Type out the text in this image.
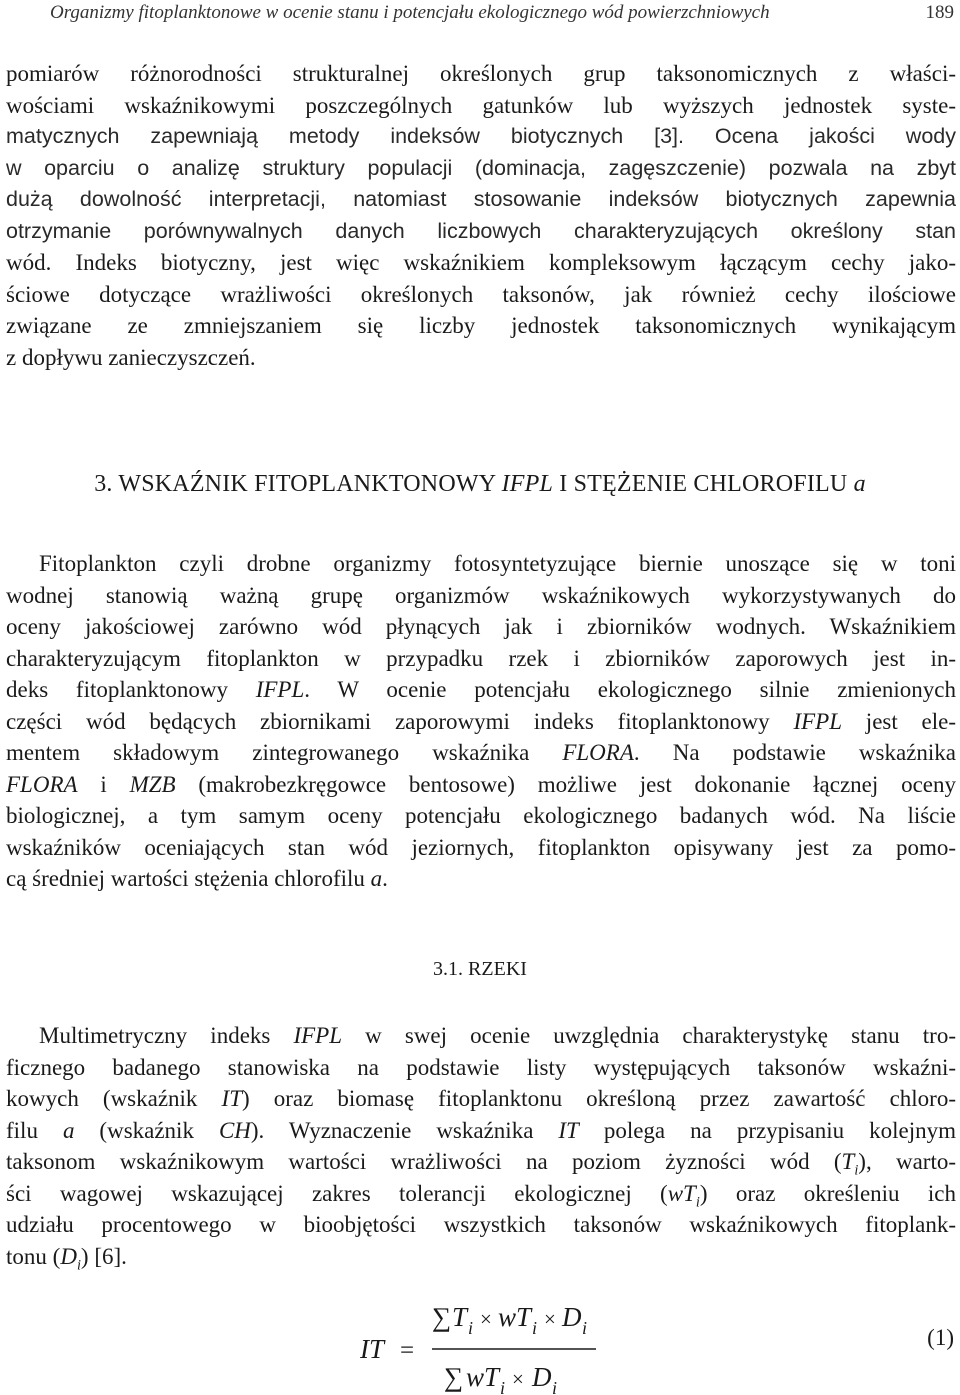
Organizmy fitoplanktonowe w ocenie stanu i potencjału ekologicznego wód powierzchniowych	189
pomiarów różnorodności strukturalnej określonych grup taksonomicznych z właści-
wościami wskaźnikowymi poszczególnych gatunków lub wyższych jednostek syste-
matycznych zapewniają metody indeksów biotycznych [3]. Ocena jakości wody
w oparciu o analizę struktury populacji (dominacja, zagęszczenie) pozwala na zbyt
dużą dowolność interpretacji, natomiast stosowanie indeksów biotycznych zapewnia
otrzymanie porównywalnych danych liczbowych charakteryzujących określony stan
wód. Indeks biotyczny, jest więc wskaźnikiem kompleksowym łączącym cechy jako-
ściowe dotyczące wrażliwości określonych taksonów, jak również cechy ilościowe
związane ze zmniejszaniem się liczby jednostek taksonomicznych wynikającym
z dopływu zanieczyszczeń.
3. WSKAŹNIK FITOPLANKTONOWY IFPL I STĘŻENIE CHLOROFILU a
Fitoplankton czyli drobne organizmy fotosyntetyzujące biernie unoszące się w toni
wodnej stanowią ważną grupę organizmów wskaźnikowych wykorzystywanych do
oceny jakościowej zarówno wód płynących jak i zbiorników wodnych. Wskaźnikiem
charakteryzującym fitoplankton w przypadku rzek i zbiorników zaporowych jest in-
deks fitoplanktonowy IFPL. W ocenie potencjału ekologicznego silnie zmienionych
części wód będących zbiornikami zaporowymi indeks fitoplanktonowy IFPL jest ele-
mentem składowym zintegrowanego wskaźnika FLORA. Na podstawie wskaźnika
FLORA i MZB (makrobezkręgowce bentosowe) możliwe jest dokonanie łącznej oceny
biologicznej, a tym samym oceny potencjału ekologicznego badanych wód. Na liście
wskaźników oceniających stan wód jeziornych, fitoplankton opisywany jest za pomo-
cą średniej wartości stężenia chlorofilu a.
3.1. RZEKI
Multimetryczny indeks IFPL w swej ocenie uwzględnia charakterystykę stanu tro-
ficznego badanego stanowiska na podstawie listy występujących taksonów wskaźni-
kowych (wskaźnik IT) oraz biomasę fitoplanktonu określoną przez zawartość chloro-
filu a (wskaźnik CH). Wyznaczenie wskaźnika IT polega na przypisaniu kolejnym
taksonom wskaźnikowym wartości wrażliwości na poziom żyzności wód $(T_i)$, warto-
ści wagowej wskazującej zakres tolerancji ekologicznej $(wT_i)$ oraz określeniu ich
udziału procentowego w bioobjętości wszystkich taksonów wskaźnikowych fitoplank-
tonu $(D_i)$ [6].
IT =
∑ T i × wT i × D i
∑ wT i × D i
(1)
